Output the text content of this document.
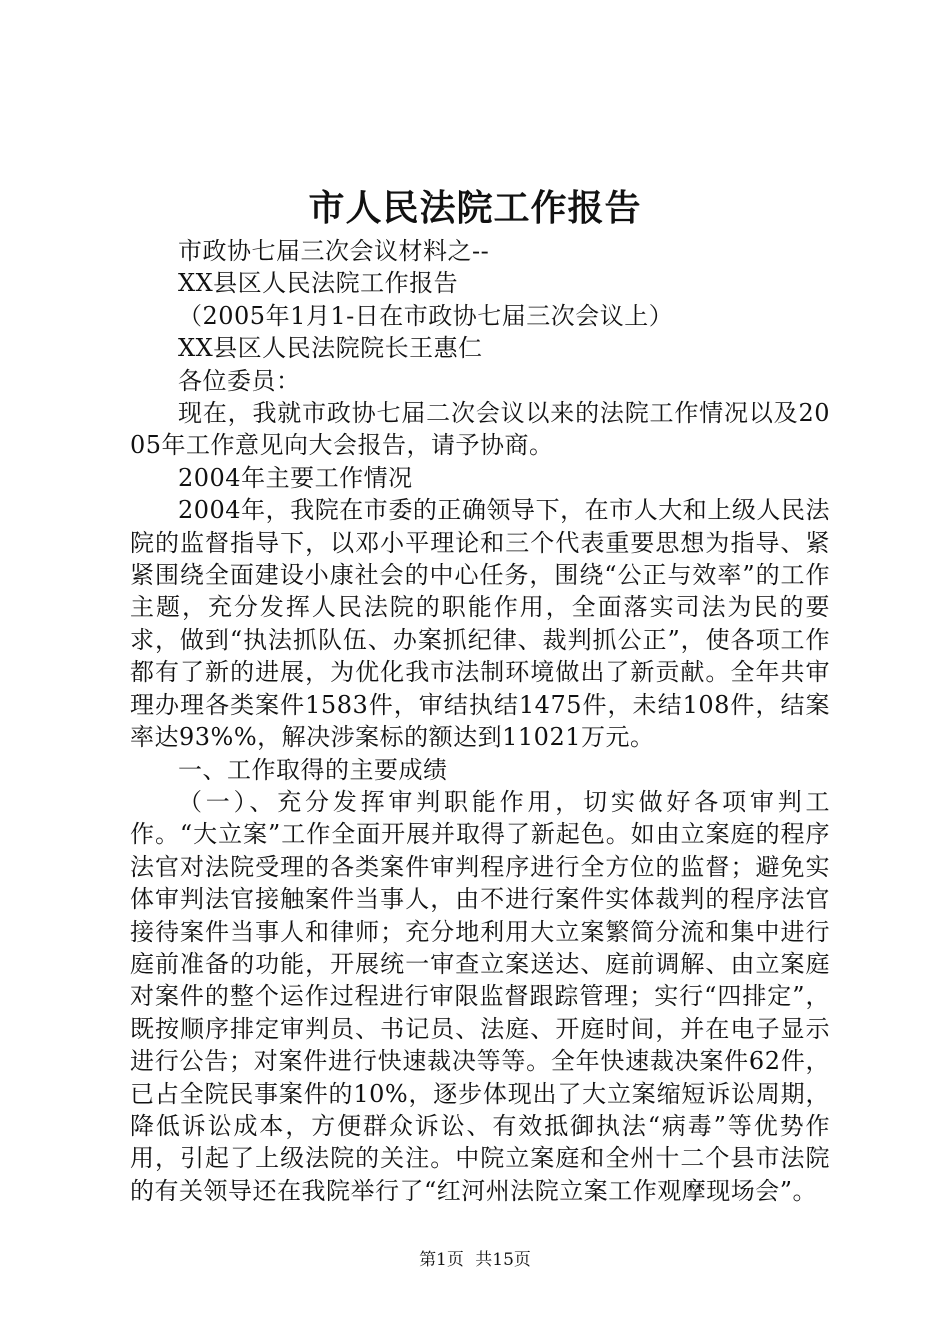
市人民法院工作报告

市政协七届三次会议材料之--

XX县区人民法院工作报告

（2005年1月1-日在市政协七届三次会议上）

XX县区人民法院院长王惠仁

各位委员：

现在，我就市政协七届二次会议以来的法院工作情况以及2005年工作意见向大会报告，请予协商。

2004年主要工作情况

2004年，我院在市委的正确领导下，在市人大和上级人民法院的监督指导下，以邓小平理论和三个代表重要思想为指导、紧紧围绕全面建设小康社会的中心任务，围绕“公正与效率”的工作主题，充分发挥人民法院的职能作用，全面落实司法为民的要求，做到“执法抓队伍、办案抓纪律、裁判抓公正”，使各项工作都有了新的进展，为优化我市法制环境做出了新贡献。全年共审理办理各类案件1583件，审结执结1475件，未结108件，结案率达93%%，解决涉案标的额达到11021万元。

一、工作取得的主要成绩

（一）、充分发挥审判职能作用，切实做好各项审判工作。“大立案”工作全面开展并取得了新起色。如由立案庭的程序法官对法院受理的各类案件审判程序进行全方位的监督；避免实体审判法官接触案件当事人，由不进行案件实体裁判的程序法官接待案件当事人和律师；充分地利用大立案繁简分流和集中进行庭前准备的功能，开展统一审查立案送达、庭前调解、由立案庭对案件的整个运作过程进行审限监督跟踪管理；实行“四排定”，既按顺序排定审判员、书记员、法庭、开庭时间，并在电子显示进行公告；对案件进行快速裁决等等。全年快速裁决案件62件，已占全院民事案件的10%，逐步体现出了大立案缩短诉讼周期，降低诉讼成本，方便群众诉讼、有效抵御执法“病毒”等优势作用，引起了上级法院的关注。中院立案庭和全州十二个县市法院的有关领导还在我院举行了“红河州法院立案工作观摩现场会”。

第1页 共15页
